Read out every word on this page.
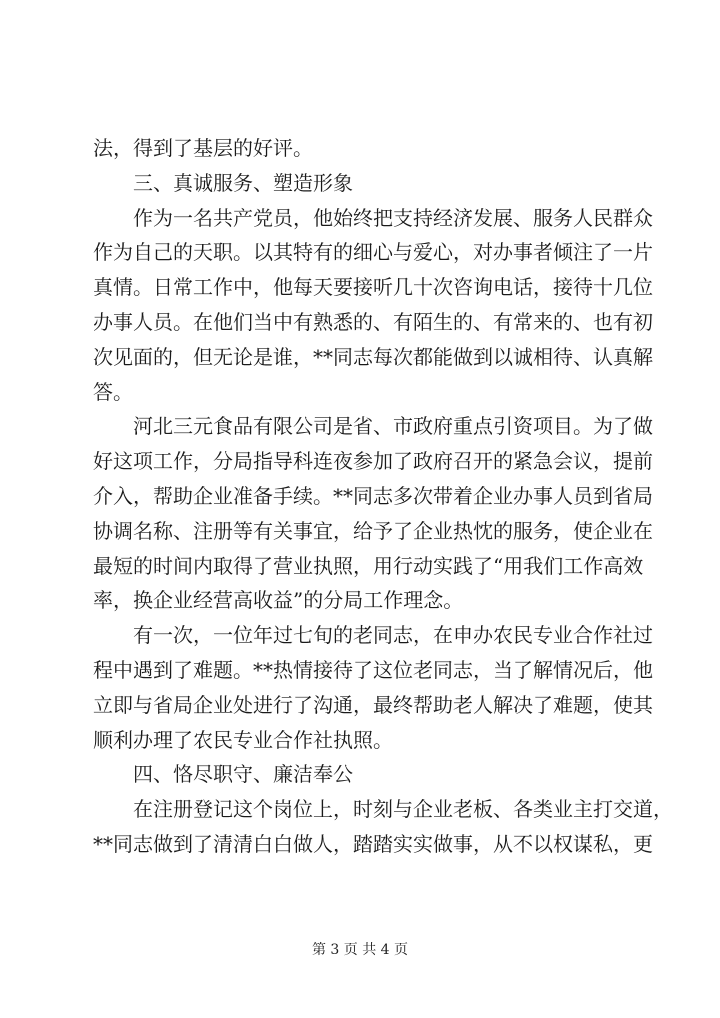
法，得到了基层的好评。
三、真诚服务、塑造形象
作为一名共产党员，他始终把支持经济发展、服务人民群众
作为自己的天职。以其特有的细心与爱心，对办事者倾注了一片
真情。日常工作中，他每天要接听几十次咨询电话，接待十几位
办事人员。在他们当中有熟悉的、有陌生的、有常来的、也有初
次见面的，但无论是谁，**同志每次都能做到以诚相待、认真解
答。
河北三元食品有限公司是省、市政府重点引资项目。为了做
好这项工作，分局指导科连夜参加了政府召开的紧急会议，提前
介入，帮助企业准备手续。**同志多次带着企业办事人员到省局
协调名称、注册等有关事宜，给予了企业热忱的服务，使企业在
最短的时间内取得了营业执照，用行动实践了“用我们工作高效
率，换企业经营高收益”的分局工作理念。
有一次，一位年过七旬的老同志，在申办农民专业合作社过
程中遇到了难题。**热情接待了这位老同志，当了解情况后，他
立即与省局企业处进行了沟通，最终帮助老人解决了难题，使其
顺利办理了农民专业合作社执照。
四、恪尽职守、廉洁奉公
在注册登记这个岗位上，时刻与企业老板、各类业主打交道，
**同志做到了清清白白做人，踏踏实实做事，从不以权谋私，更
第 3 页 共 4 页
